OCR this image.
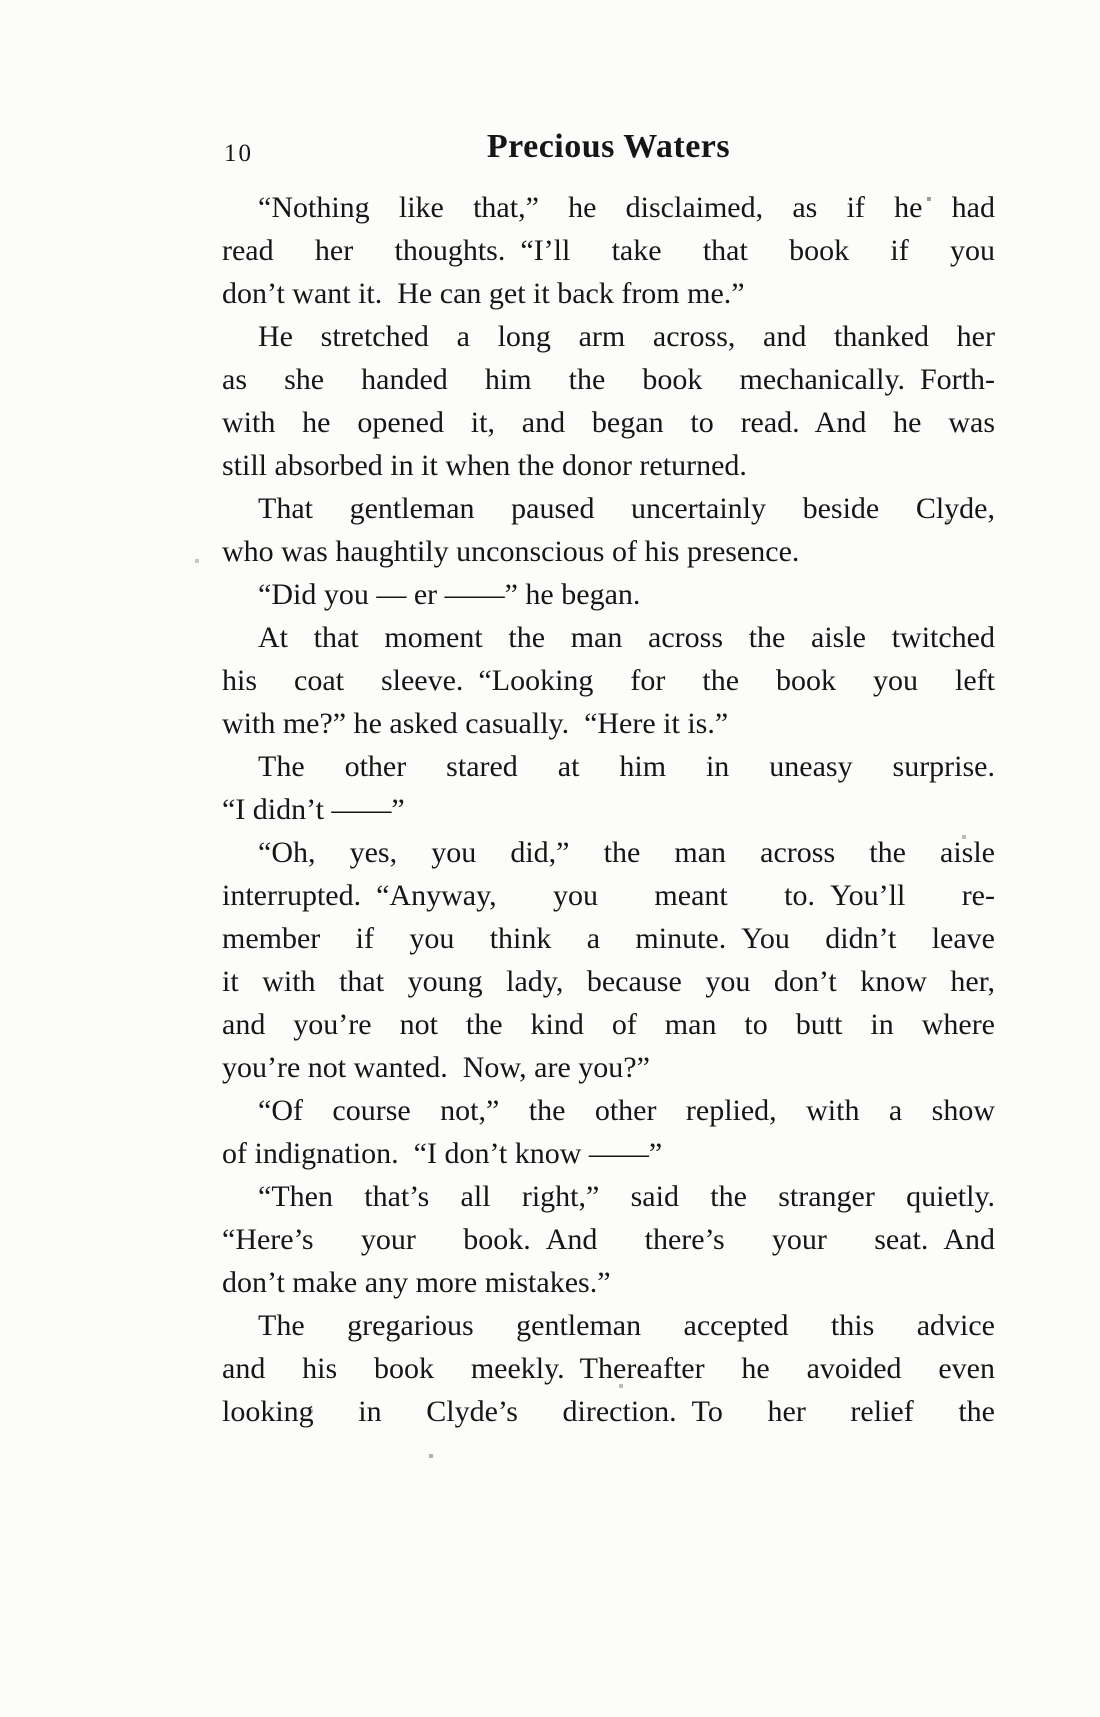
10	Precious Waters
“Nothing like that,” he disclaimed, as if he had
read her thoughts. “I’ll take that book if you
don’t want it. He can get it back from me.”
He stretched a long arm across, and thanked her
as she handed him the book mechanically. Forth-
with he opened it, and began to read. And he was
still absorbed in it when the donor returned.
That gentleman paused uncertainly beside Clyde,
who was haughtily unconscious of his presence.
“Did you — er ——” he began.
At that moment the man across the aisle twitched
his coat sleeve. “Looking for the book you left
with me?” he asked casually. “Here it is.”
The other stared at him in uneasy surprise.
“I didn’t ——”
“Oh, yes, you did,” the man across the aisle
interrupted. “Anyway, you meant to. You’ll re-
member if you think a minute. You didn’t leave
it with that young lady, because you don’t know her,
and you’re not the kind of man to butt in where
you’re not wanted. Now, are you?”
“Of course not,” the other replied, with a show
of indignation. “I don’t know ——”
“Then that’s all right,” said the stranger quietly.
“Here’s your book. And there’s your seat. And
don’t make any more mistakes.”
The gregarious gentleman accepted this advice
and his book meekly. Thereafter he avoided even
looking in Clyde’s direction. To her relief the
